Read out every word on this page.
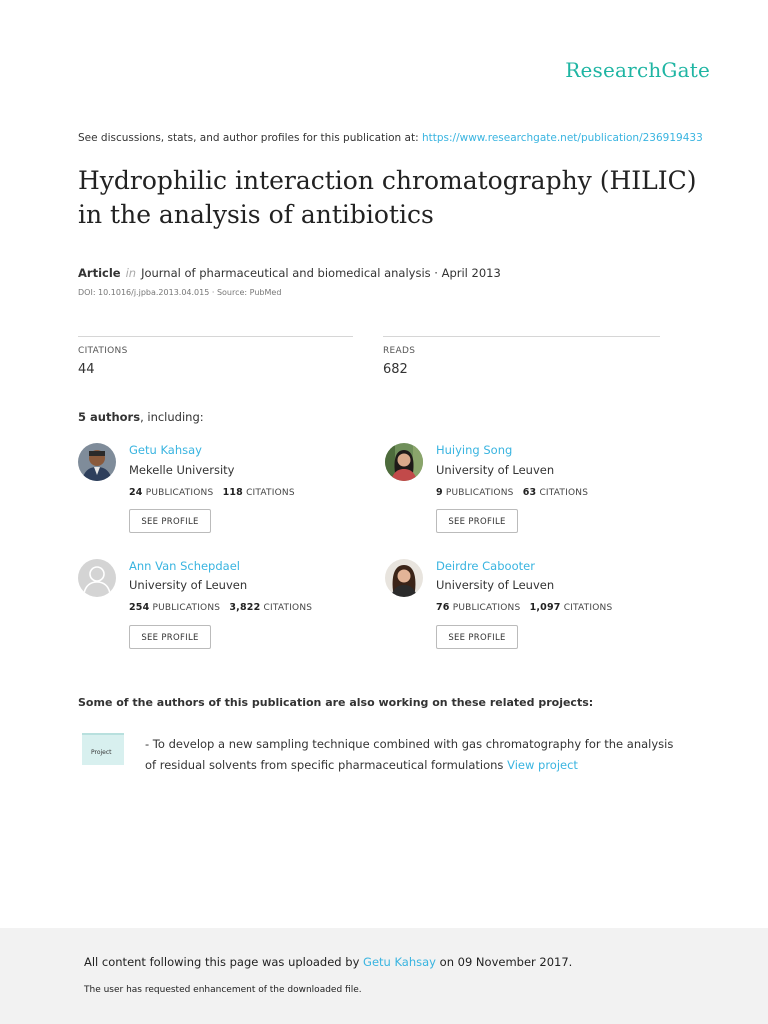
ResearchGate
See discussions, stats, and author profiles for this publication at: https://www.researchgate.net/publication/236919433
Hydrophilic interaction chromatography (HILIC) in the analysis of antibiotics
Article in Journal of pharmaceutical and biomedical analysis · April 2013
DOI: 10.1016/j.jpba.2013.04.015 · Source: PubMed
CITATIONS
44
READS
682
5 authors, including:
Getu Kahsay
Mekelle University
24 PUBLICATIONS 118 CITATIONS
SEE PROFILE
Huiying Song
University of Leuven
9 PUBLICATIONS 63 CITATIONS
SEE PROFILE
Ann Van Schepdael
University of Leuven
254 PUBLICATIONS 3,822 CITATIONS
SEE PROFILE
Deirdre Cabooter
University of Leuven
76 PUBLICATIONS 1,097 CITATIONS
SEE PROFILE
Some of the authors of this publication are also working on these related projects:
Project
- To develop a new sampling technique combined with gas chromatography for the analysis of residual solvents from specific pharmaceutical formulations View project
All content following this page was uploaded by Getu Kahsay on 09 November 2017.
The user has requested enhancement of the downloaded file.
